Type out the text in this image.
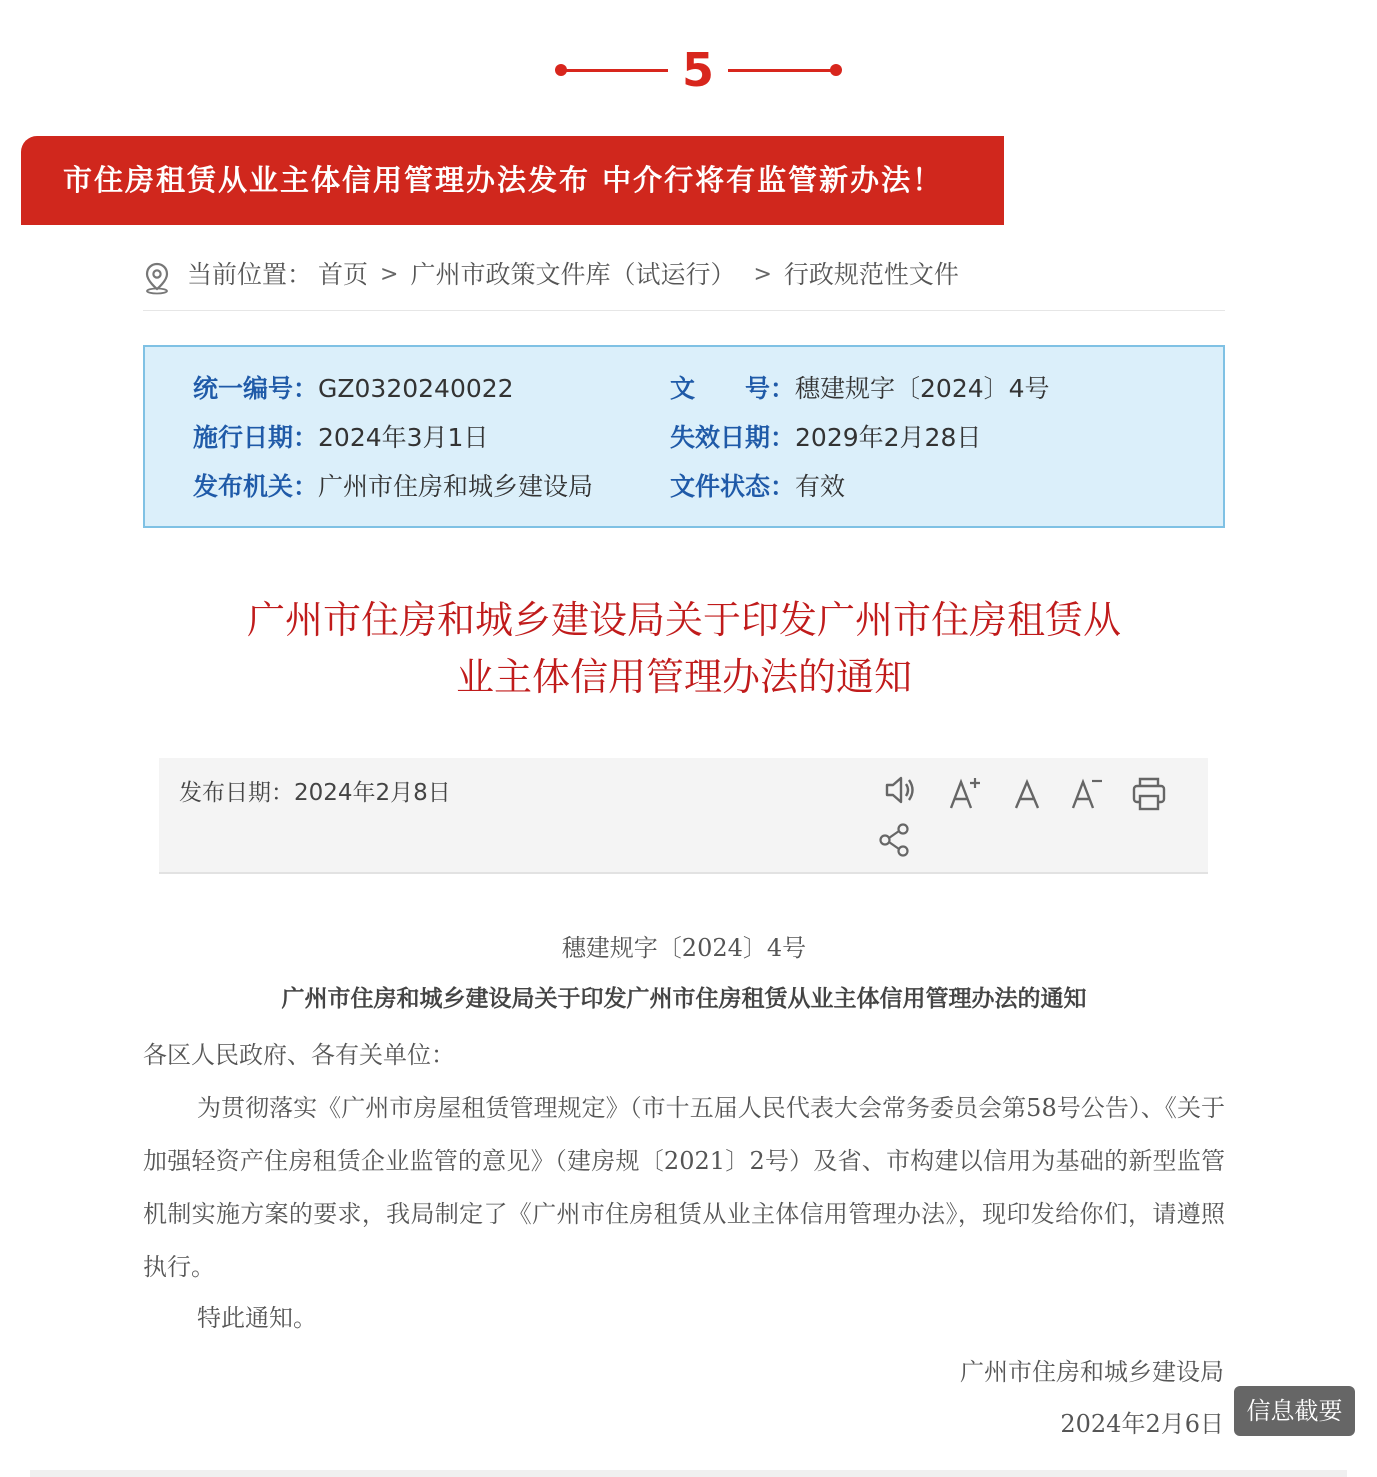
5
市住房租赁从业主体信用管理办法发布 中介行将有监管新办法！
当前位置： 首页 > 广州市政策文件库（试运行） > 行政规范性文件
统一编号：GZ0320240022	文　　号：穗建规字〔2024〕4号
施行日期：2024年3月1日	失效日期：2029年2月28日
发布机关：广州市住房和城乡建设局	文件状态：有效
广州市住房和城乡建设局关于印发广州市住房租赁从
业主体信用管理办法的通知
发布日期：2024年2月8日
穗建规字〔2024〕4号
广州市住房和城乡建设局关于印发广州市住房租赁从业主体信用管理办法的通知
各区人民政府、各有关单位：
为贯彻落实《广州市房屋租赁管理规定》（市十五届人民代表大会常务委员会第58号公告）、《关于加强轻资产住房租赁企业监管的意见》（建房规〔2021〕2号）及省、市构建以信用为基础的新型监管机制实施方案的要求，我局制定了《广州市住房租赁从业主体信用管理办法》，现印发给你们，请遵照执行。
特此通知。
广州市住房和城乡建设局
2024年2月6日 信息截要
